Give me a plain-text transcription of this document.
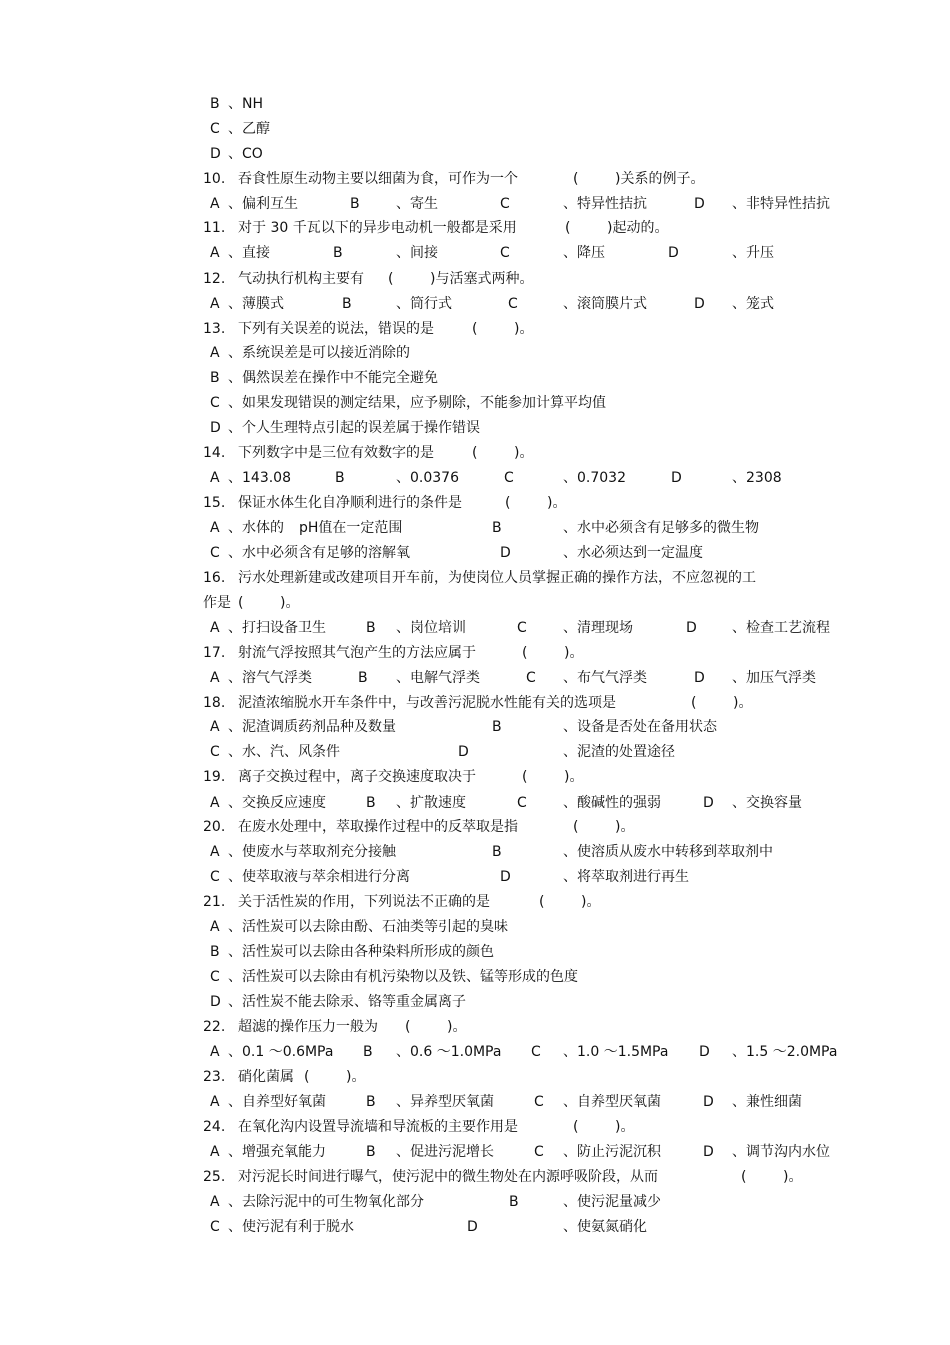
B 、NH
C 、乙醇
D 、CO
10. 吞食性原生动物主要以细菌为食，可作为一个	(	)关系的例子。
A 、偏利互生	B	、寄生	C	、特异性拮抗	D 、非特异性拮抗
11. 对于 30 千瓦以下的异步电动机一般都是采用	(	)起动的。
A 、直接	B	、间接	C	、降压	D	、升压
12. 气动执行机构主要有 (	)与活塞式两种。
A 、薄膜式	B	、筒行式	C	、滚筒膜片式	D 、笼式
13. 下列有关误差的说法，错误的是	(	)。
A 、系统误差是可以接近消除的
B 、偶然误差在操作中不能完全避免
C 、如果发现错误的测定结果，应予剔除，不能参加计算平均值
D 、个人生理特点引起的误差属于操作错误
14. 下列数字中是三位有效数字的是	(	)。
A 、143.08	B	、0.0376	C	、0.7032	D	、2308
15. 保证水体生化自净顺利进行的条件是	(	)。
A 、水体的 pH值在一定范围	B	、水中必须含有足够多的微生物
C 、水中必须含有足够的溶解氧	D	、水必须达到一定温度
16. 污水处理新建或改建项目开车前，为使岗位人员掌握正确的操作方法，不应忽视的工
作是 (	)。
A 、打扫设备卫生	B 、岗位培训	C	、清理现场	D	、检查工艺流程
17. 射流气浮按照其气泡产生的方法应属于	(	)。
A 、溶气气浮类	B 、电解气浮类	C 、布气气浮类	D 、加压气浮类
18. 泥渣浓缩脱水开车条件中，与改善污泥脱水性能有关的选项是	(	)。
A 、泥渣调质药剂品种及数量	B	、设备是否处在备用状态
C 、水、汽、风条件	D	、泥渣的处置途径
19. 离子交换过程中，离子交换速度取决于	(	)。
A 、交换反应速度	B 、扩散速度	C	、酸碱性的强弱	D 、交换容量
20. 在废水处理中，萃取操作过程中的反萃取是指	(	)。
A 、使废水与萃取剂充分接触	B	、使溶质从废水中转移到萃取剂中
C 、使萃取液与萃余相进行分离	D	、将萃取剂进行再生
21. 关于活性炭的作用，下列说法不正确的是	(	)。
A 、活性炭可以去除由酚、石油类等引起的臭味
B 、活性炭可以去除由各种染料所形成的颜色
C 、活性炭可以去除由有机污染物以及铁、锰等形成的色度
D 、活性炭不能去除汞、铬等重金属离子
22. 超滤的操作压力一般为 (	)。
A 、0.1 ～0.6MPa B 、0.6 ～1.0MPa C 、1.0 ～1.5MPa D 、1.5 ～2.0MPa
23. 硝化菌属 (	)。
A 、自养型好氧菌	B 、异养型厌氧菌	C 、自养型厌氧菌	D 、兼性细菌
24. 在氧化沟内设置导流墙和导流板的主要作用是	(	)。
A 、增强充氧能力	B 、促进污泥增长	C 、防止污泥沉积	D 、调节沟内水位
25. 对污泥长时间进行曝气，使污泥中的微生物处在内源呼吸阶段，从而	(	)。
A 、去除污泥中的可生物氧化部分	B	、使污泥量减少
C 、使污泥有利于脱水	D	、使氨氮硝化
